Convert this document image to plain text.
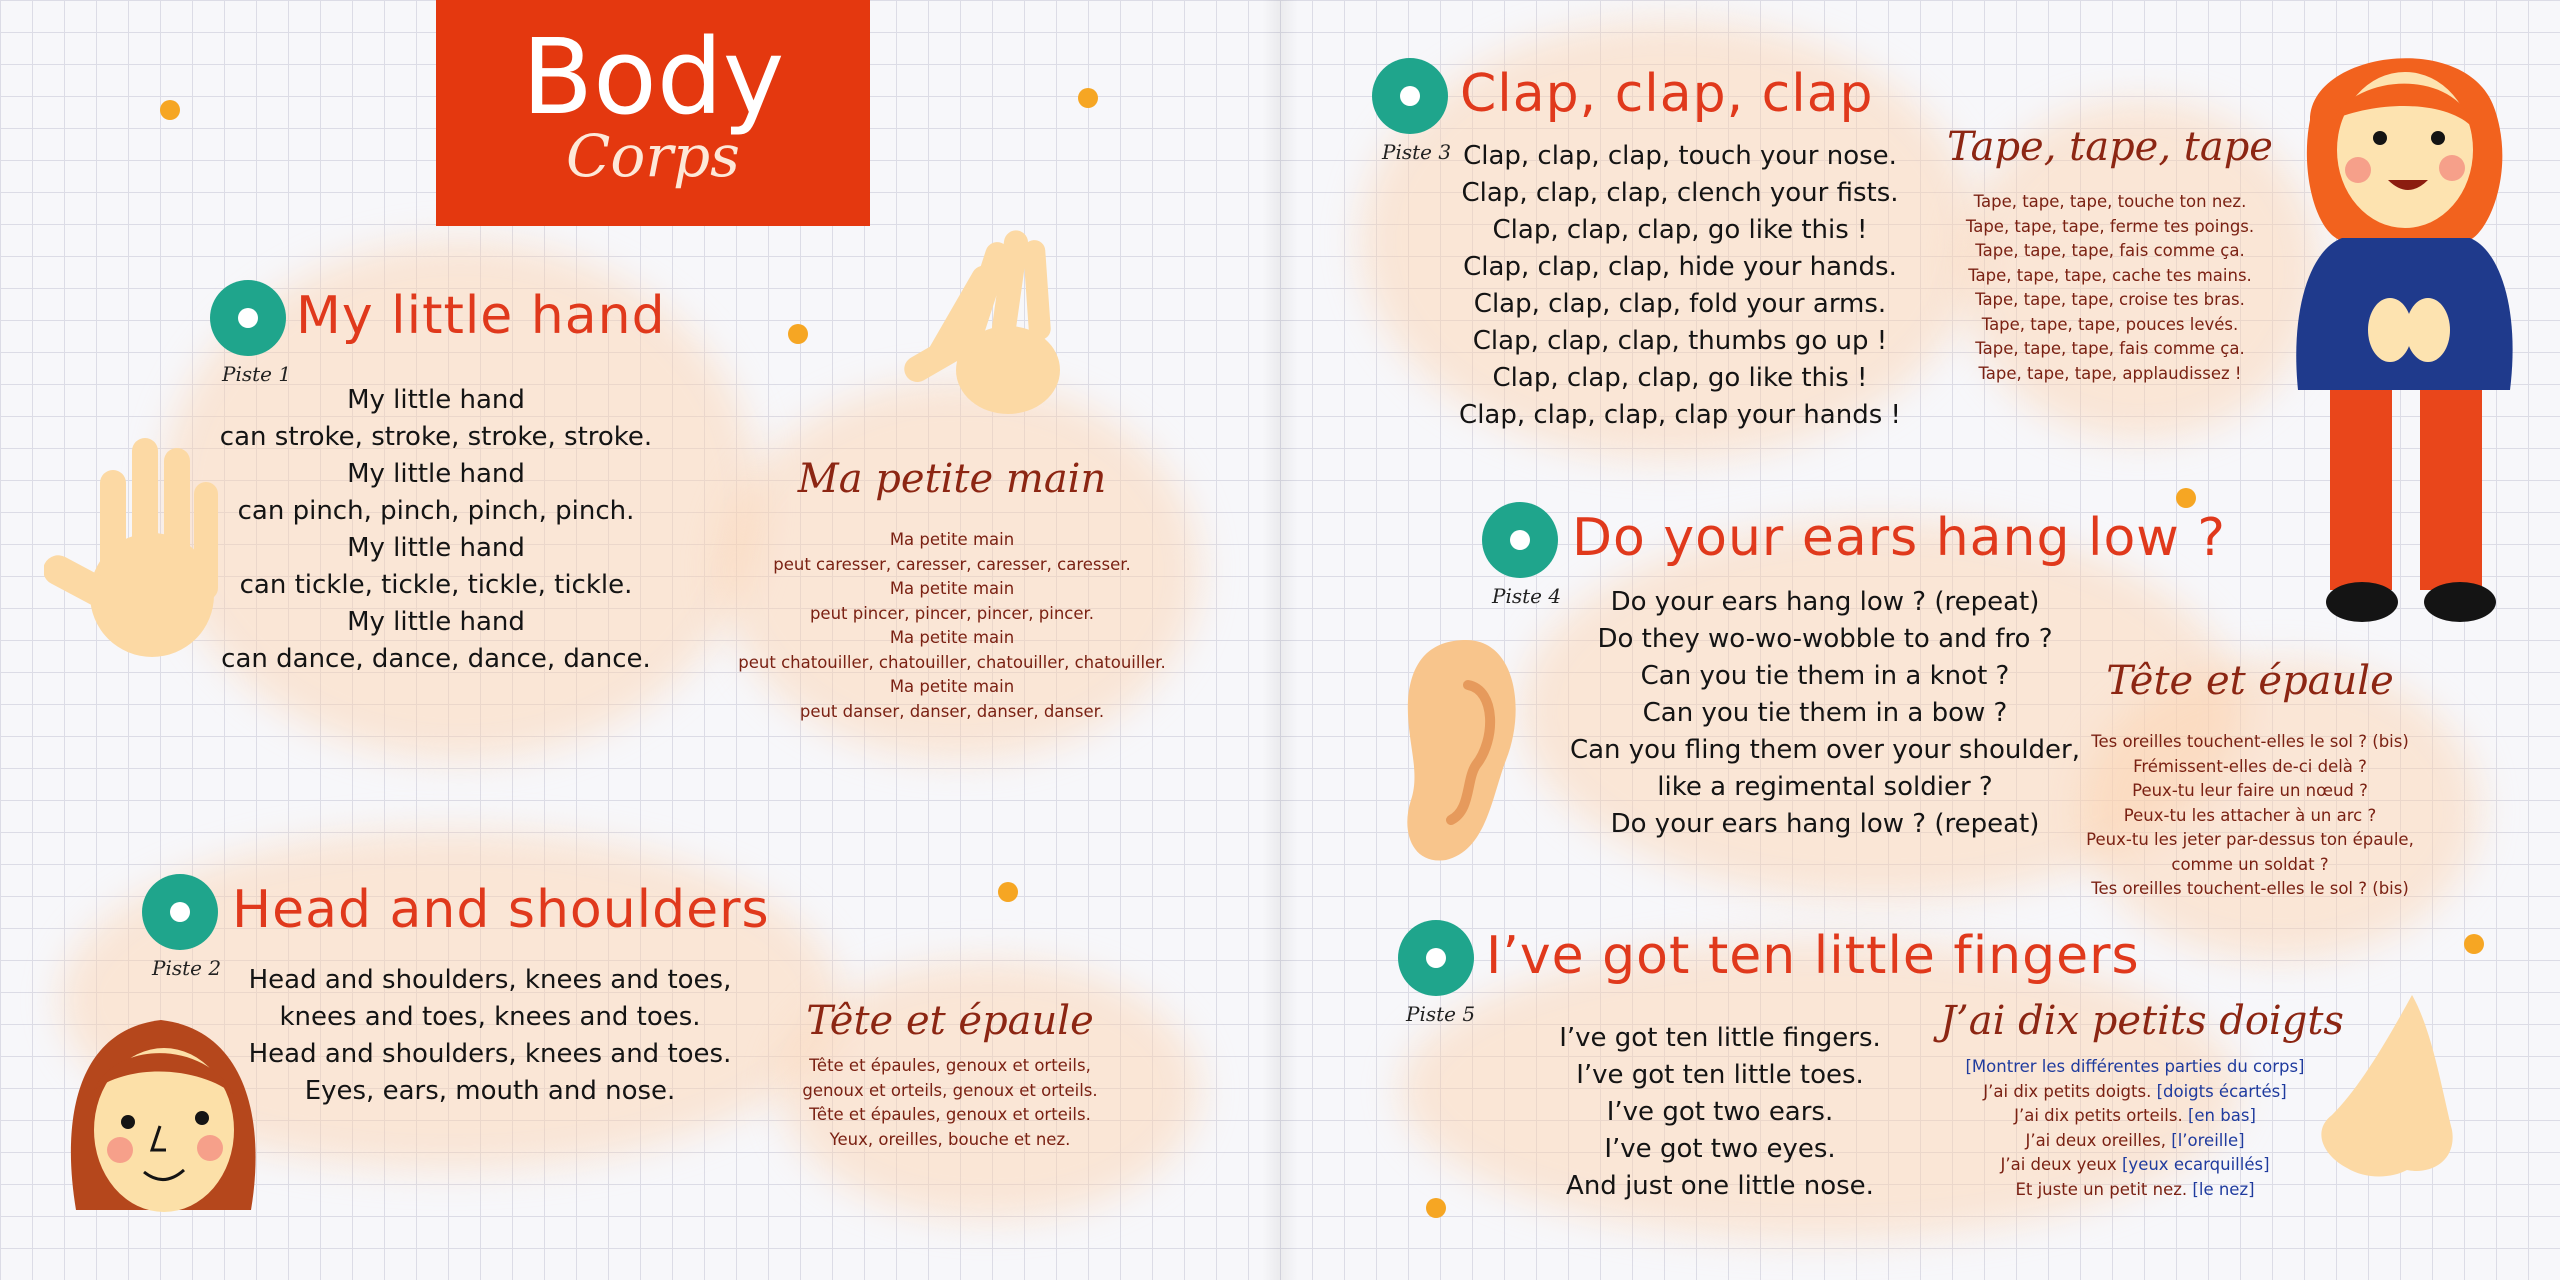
Body
Corps
Piste 1
My little hand
My little hand
can stroke, stroke, stroke, stroke.
My little hand
can pinch, pinch, pinch, pinch.
My little hand
can tickle, tickle, tickle, tickle.
My little hand
can dance, dance, dance, dance.
Ma petite main
Ma petite main
peut caresser, caresser, caresser, caresser.
Ma petite main
peut pincer, pincer, pincer, pincer.
Ma petite main
peut chatouiller, chatouiller, chatouiller, chatouiller.
Ma petite main
peut danser, danser, danser, danser.
Piste 2
Head and shoulders
Head and shoulders, knees and toes,
knees and toes, knees and toes.
Head and shoulders, knees and toes.
Eyes, ears, mouth and nose.
Tête et épaule
Tête et épaules, genoux et orteils,
genoux et orteils, genoux et orteils.
Tête et épaules, genoux et orteils.
Yeux, oreilles, bouche et nez.
Piste 3
Clap, clap, clap
Clap, clap, clap, touch your nose.
Clap, clap, clap, clench your fists.
Clap, clap, clap, go like this !
Clap, clap, clap, hide your hands.
Clap, clap, clap, fold your arms.
Clap, clap, clap, thumbs go up !
Clap, clap, clap, go like this !
Clap, clap, clap, clap your hands !
Tape, tape, tape
Tape, tape, tape, touche ton nez.
Tape, tape, tape, ferme tes poings.
Tape, tape, tape, fais comme ça.
Tape, tape, tape, cache tes mains.
Tape, tape, tape, croise tes bras.
Tape, tape, tape, pouces levés.
Tape, tape, tape, fais comme ça.
Tape, tape, tape, applaudissez !
Piste 4
Do your ears hang low ?
Do your ears hang low ? (repeat)
Do they wo-wo-wobble to and fro ?
Can you tie them in a knot ?
Can you tie them in a bow ?
Can you fling them over your shoulder,
like a regimental soldier ?
Do your ears hang low ? (repeat)
Tête et épaule
Tes oreilles touchent-elles le sol ? (bis)
Frémissent-elles de-ci delà ?
Peux-tu leur faire un nœud ?
Peux-tu les attacher à un arc ?
Peux-tu les jeter par-dessus ton épaule,
comme un soldat ?
Tes oreilles touchent-elles le sol ? (bis)
Piste 5
I’ve got ten little fingers
I’ve got ten little fingers.
I’ve got ten little toes.
I’ve got two ears.
I’ve got two eyes.
And just one little nose.
J’ai dix petits doigts
[Montrer les différentes parties du corps]
J’ai dix petits doigts. [doigts écartés]
J’ai dix petits orteils. [en bas]
J’ai deux oreilles, [l’oreille]
J’ai deux yeux [yeux ecarquillés]
Et juste un petit nez. [le nez]
